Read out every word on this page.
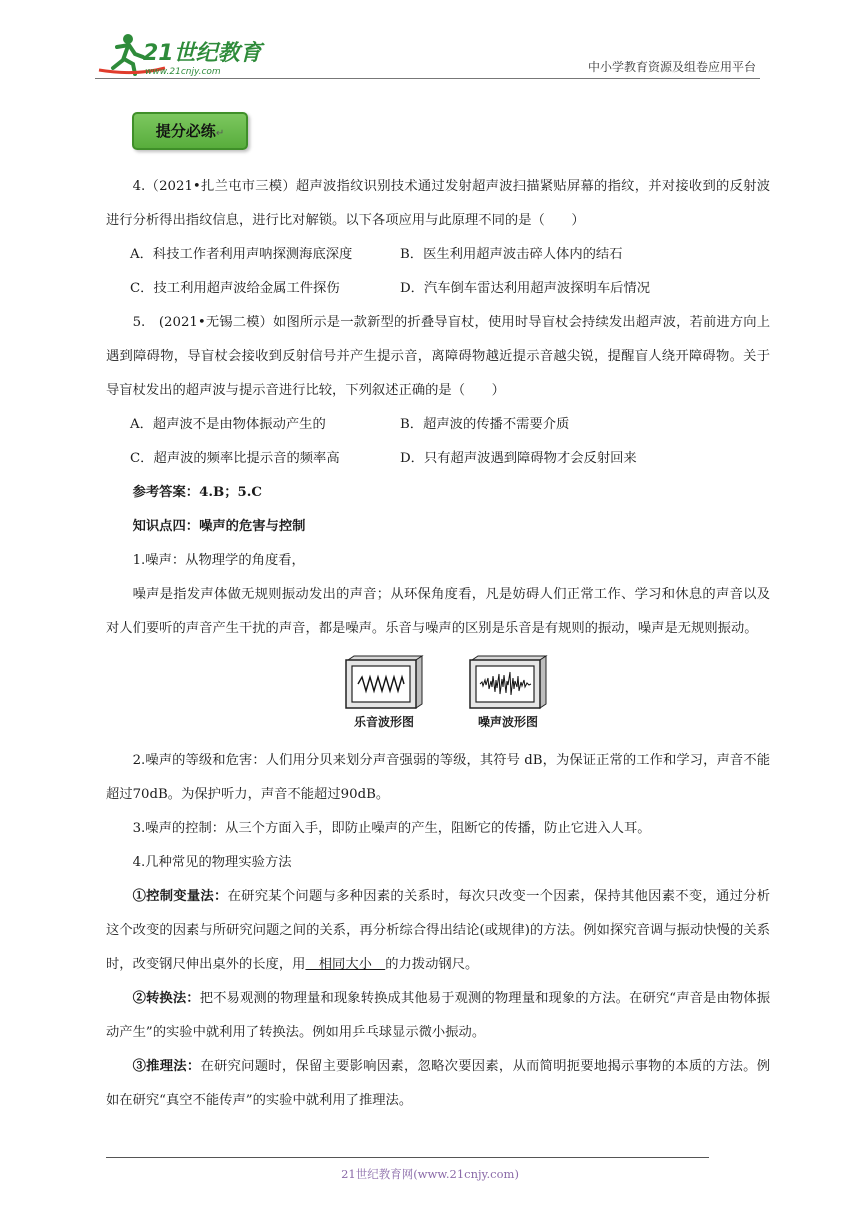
21世纪教育
www.21cnjy.com	中小学教育资源及组卷应用平台
提分必练↵

4.（2021•扎兰屯市三模）超声波指纹识别技术通过发射超声波扫描紧贴屏幕的指纹，并对接收到的反射波进行分析得出指纹信息，进行比对解锁。以下各项应用与此原理不同的是（　　）

A．科技工作者利用声呐探测海底深度	B．医生利用超声波击碎人体内的结石

C．技工利用超声波给金属工件探伤	D．汽车倒车雷达利用超声波探明车后情况

5.　(2021•无锡二模）如图所示是一款新型的折叠导盲杖，使用时导盲杖会持续发出超声波，若前进方向上遇到障碍物，导盲杖会接收到反射信号并产生提示音，离障碍物越近提示音越尖锐，提醒盲人绕开障碍物。关于导盲杖发出的超声波与提示音进行比较，下列叙述正确的是（　　）

A．超声波不是由物体振动产生的	B．超声波的传播不需要介质

C．超声波的频率比提示音的频率高	D．只有超声波遇到障碍物才会反射回来

参考答案：4.B；5.C

知识点四：噪声的危害与控制

1.噪声：从物理学的角度看，

噪声是指发声体做无规则振动发出的声音；从环保角度看，凡是妨碍人们正常工作、学习和休息的声音以及对人们要听的声音产生干扰的声音，都是噪声。乐音与噪声的区别是乐音是有规则的振动，噪声是无规则振动。

乐音波形图	噪声波形图

2.噪声的等级和危害：人们用分贝来划分声音强弱的等级，其符号 dB，为保证正常的工作和学习，声音不能超过70dB。为保护听力，声音不能超过90dB。

3.噪声的控制：从三个方面入手，即防止噪声的产生，阻断它的传播，防止它进入人耳。

4.几种常见的物理实验方法

①控制变量法：在研究某个问题与多种因素的关系时，每次只改变一个因素，保持其他因素不变，通过分析这个改变的因素与所研究问题之间的关系，再分析综合得出结论(或规律)的方法。例如探究音调与振动快慢的关系时，改变钢尺伸出桌外的长度，用　相同大小　的力拨动钢尺。

②转换法：把不易观测的物理量和现象转换成其他易于观测的物理量和现象的方法。在研究“声音是由物体振动产生”的实验中就利用了转换法。例如用乒乓球显示微小振动。

③推理法：在研究问题时，保留主要影响因素，忽略次要因素，从而简明扼要地揭示事物的本质的方法。例如在研究“真空不能传声”的实验中就利用了推理法。

21世纪教育网(www.21cnjy.com)
